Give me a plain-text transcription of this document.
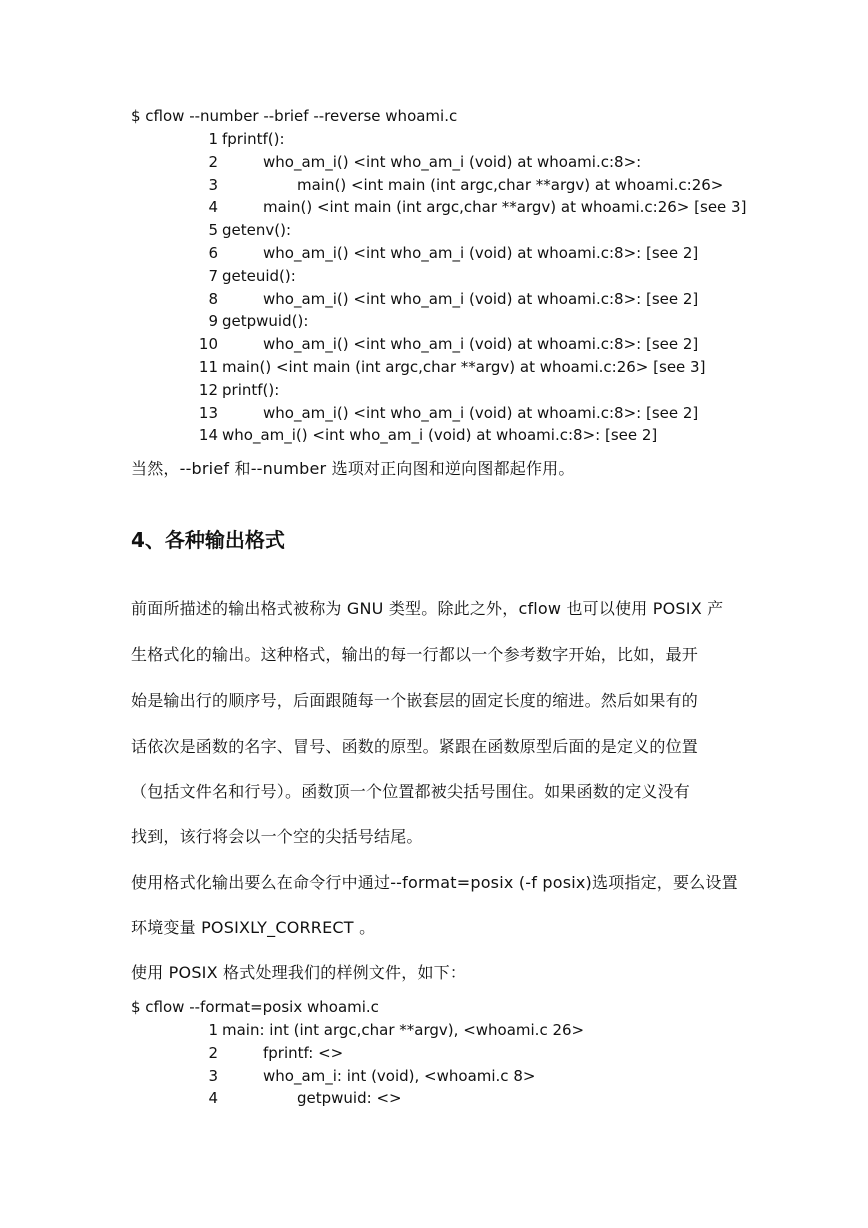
$ cflow --number --brief --reverse whoami.c
1 fprintf():
2	who_am_i() <int who_am_i (void) at whoami.c:8>:
3	main() <int main (int argc,char **argv) at whoami.c:26>
4	main() <int main (int argc,char **argv) at whoami.c:26> [see 3]
5 getenv():
6	who_am_i() <int who_am_i (void) at whoami.c:8>: [see 2]
7 geteuid():
8	who_am_i() <int who_am_i (void) at whoami.c:8>: [see 2]
9 getpwuid():
10	who_am_i() <int who_am_i (void) at whoami.c:8>: [see 2]
11 main() <int main (int argc,char **argv) at whoami.c:26> [see 3]
12 printf():
13	who_am_i() <int who_am_i (void) at whoami.c:8>: [see 2]
14 who_am_i() <int who_am_i (void) at whoami.c:8>: [see 2]
当然，--brief 和--number 选项对正向图和逆向图都起作用。
4、各种输出格式
前面所描述的输出格式被称为 GNU 类型。除此之外，cflow 也可以使用 POSIX 产
生格式化的输出。这种格式，输出的每一行都以一个参考数字开始，比如，最开
始是输出行的顺序号，后面跟随每一个嵌套层的固定长度的缩进。然后如果有的
话依次是函数的名字、冒号、函数的原型。紧跟在函数原型后面的是定义的位置
（包括文件名和行号）。函数顶一个位置都被尖括号围住。如果函数的定义没有
找到，该行将会以一个空的尖括号结尾。
使用格式化输出要么在命令行中通过--format=posix (-f posix)选项指定，要么设置
环境变量 POSIXLY_CORRECT 。
使用 POSIX 格式处理我们的样例文件，如下：
$ cflow --format=posix whoami.c
1 main: int (int argc,char **argv), <whoami.c 26>
2	fprintf: <>
3	who_am_i: int (void), <whoami.c 8>
4	getpwuid: <>
